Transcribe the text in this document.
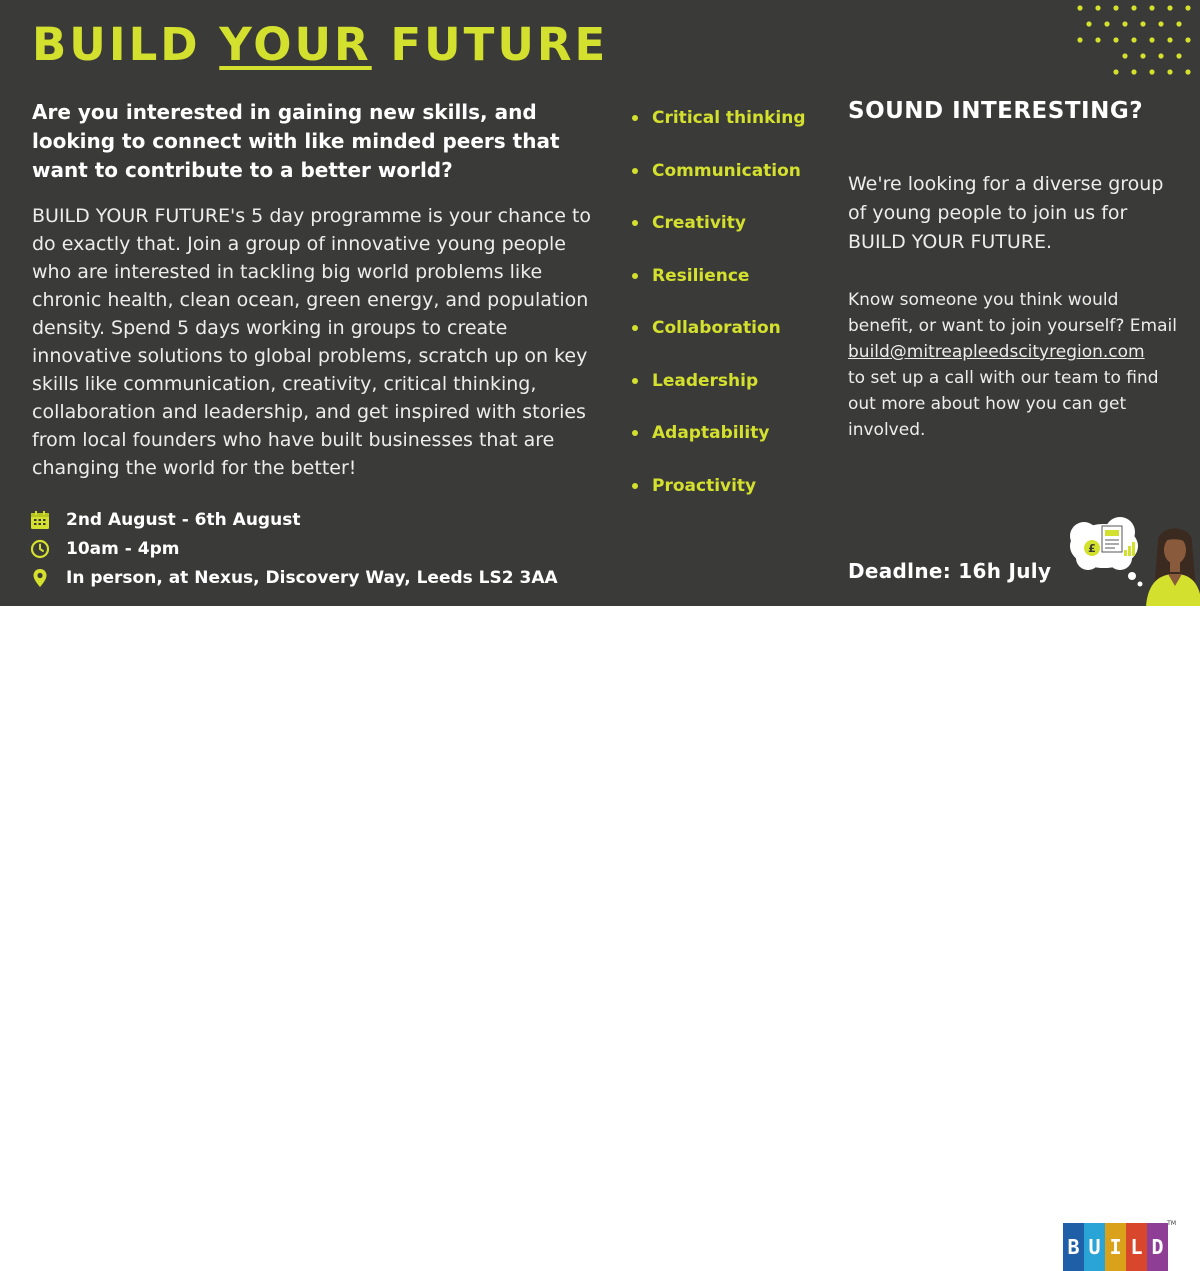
BUILD YOUR FUTURE

Are you interested in gaining new skills, and looking to connect with like minded peers that want to contribute to a better world?

BUILD YOUR FUTURE's 5 day programme is your chance to do exactly that. Join a group of innovative young people who are interested in tackling big world problems like chronic health, clean ocean, green energy, and population density. Spend 5 days working in groups to create innovative solutions to global problems, scratch up on key skills like communication, creativity, critical thinking, collaboration and leadership, and get inspired with stories from local founders who have built businesses that are changing the world for the better!

2nd August - 6th August
10am - 4pm
In person, at Nexus, Discovery Way, Leeds LS2 3AA
Critical thinking
Communication
Creativity
Resilience
Collaboration
Leadership
Adaptability
Proactivity
SOUND INTERESTING?

We're looking for a diverse group of young people to join us for BUILD YOUR FUTURE.

Know someone you think would benefit, or want to join yourself? Email
build@mitreapleedscityregion.com
to set up a call with our team to find out more about how you can get involved.

Deadlne: 16h July

£
B U I L D
TM
